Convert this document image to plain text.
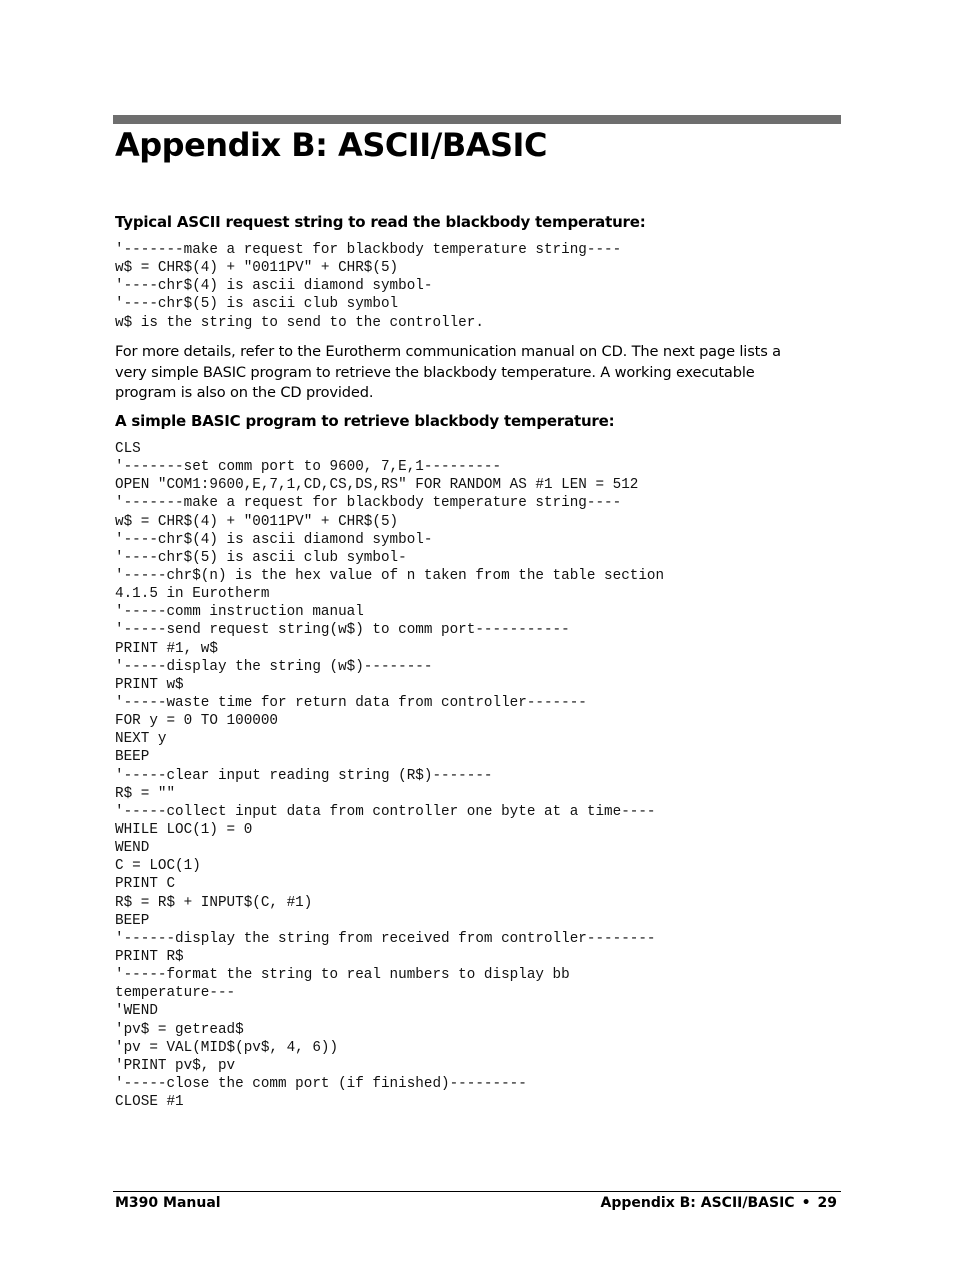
Appendix B: ASCII/BASIC
Typical ASCII request string to read the blackbody temperature:
'-------make a request for blackbody temperature string----
w$ = CHR$(4) + "0011PV" + CHR$(5)
'----chr$(4) is ascii diamond symbol-
'----chr$(5) is ascii club symbol
w$ is the string to send to the controller.

For more details, refer to the Eurotherm communication manual on CD. The next page lists a very simple BASIC program to retrieve the blackbody temperature. A working executable program is also on the CD provided.

A simple BASIC program to retrieve blackbody temperature:
CLS
'-------set comm port to 9600, 7,E,1---------
OPEN "COM1:9600,E,7,1,CD,CS,DS,RS" FOR RANDOM AS #1 LEN = 512
'-------make a request for blackbody temperature string----
w$ = CHR$(4) + "0011PV" + CHR$(5)
'----chr$(4) is ascii diamond symbol-
'----chr$(5) is ascii club symbol-
'-----chr$(n) is the hex value of n taken from the table section
4.1.5 in Eurotherm
'-----comm instruction manual
'-----send request string(w$) to comm port-----------
PRINT #1, w$
'-----display the string (w$)--------
PRINT w$
'-----waste time for return data from controller-------
FOR y = 0 TO 100000
NEXT y
BEEP
'-----clear input reading string (R$)-------
R$ = ""
'-----collect input data from controller one byte at a time----
WHILE LOC(1) = 0
WEND
C = LOC(1)
PRINT C
R$ = R$ + INPUT$(C, #1)
BEEP
'------display the string from received from controller--------
PRINT R$
'-----format the string to real numbers to display bb
temperature---
'WEND
'pv$ = getread$
'pv = VAL(MID$(pv$, 4, 6))
'PRINT pv$, pv
'-----close the comm port (if finished)---------
CLOSE #1
M390 Manual	Appendix B: ASCII/BASIC • 29
